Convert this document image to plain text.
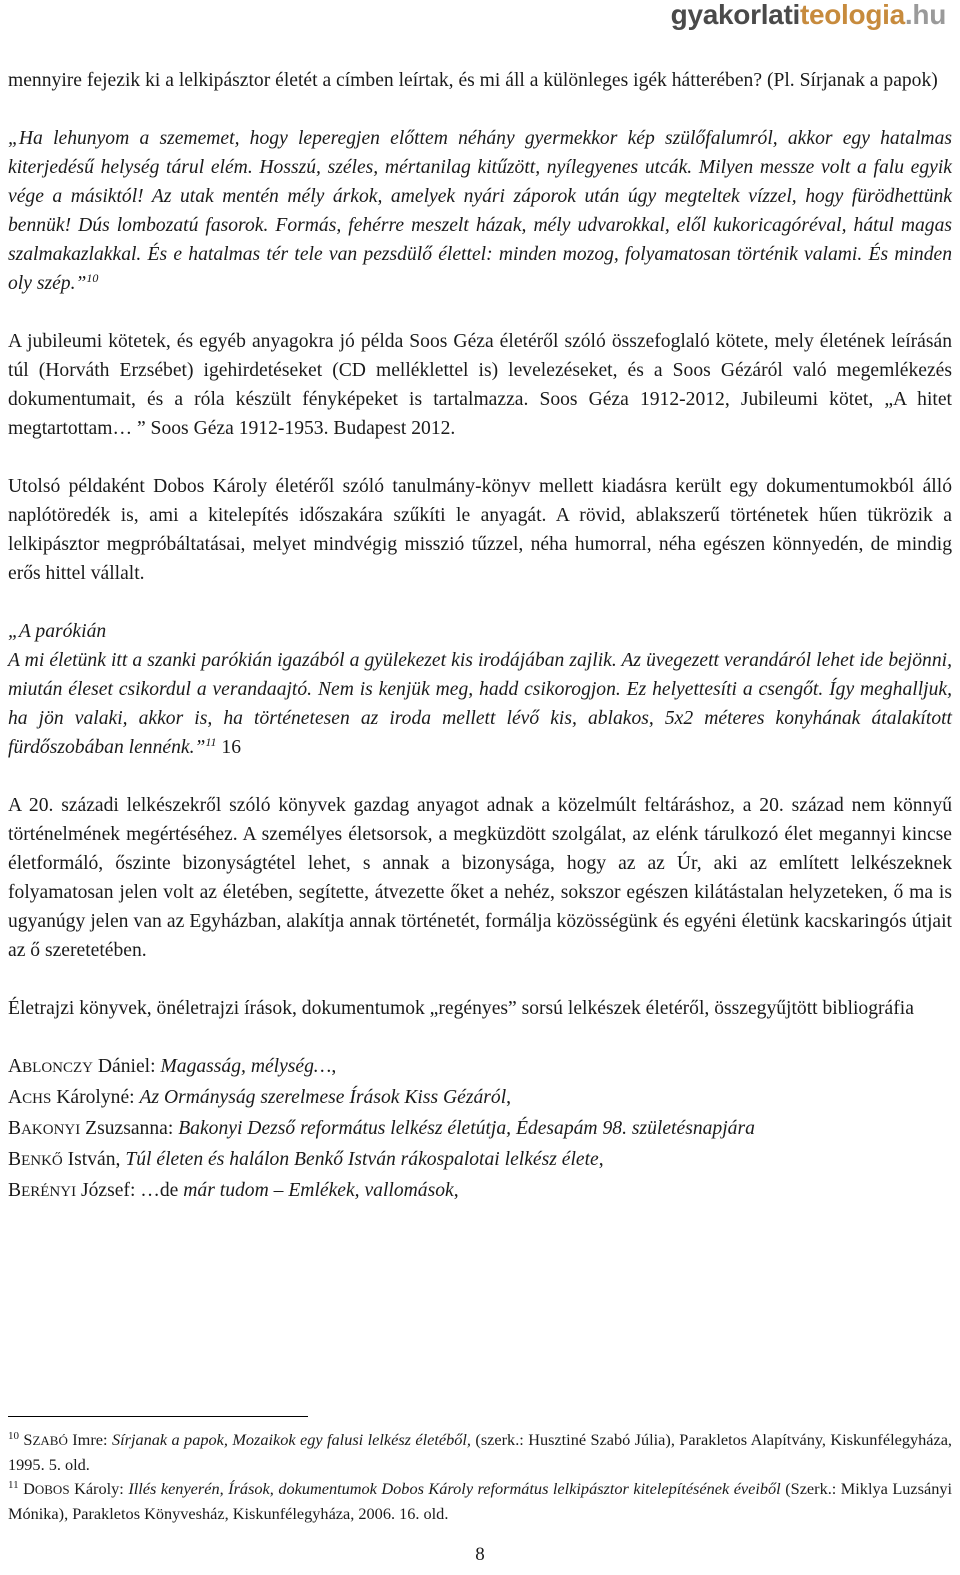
gyakorlatiteologia.hu

mennyire fejezik ki a lelkipásztor életét a címben leírtak, és mi áll a különleges igék hátterében? (Pl. Sírjanak a papok)

„Ha lehunyom a szememet, hogy leperegjen előttem néhány gyermekkor kép szülőfalumról, akkor egy hatalmas kiterjedésű helység tárul elém. Hosszú, széles, mértanilag kitűzött, nyílegyenes utcák. Milyen messze volt a falu egyik vége a másiktól! Az utak mentén mély árkok, amelyek nyári záporok után úgy megteltek vízzel, hogy fürödhettünk bennük! Dús lombozatú fasorok. Formás, fehérre meszelt házak, mély udvarokkal, elől kukoricagóréval, hátul magas szalmakazlakkal. És e hatalmas tér tele van pezsdülő élettel: minden mozog, folyamatosan történik valami. És minden oly szép.”$^{10}$

A jubileumi kötetek, és egyéb anyagokra jó példa Soos Géza életéről szóló összefoglaló kötete, mely életének leírásán túl (Horváth Erzsébet) igehirdetéseket (CD melléklettel is) levelezéseket, és a Soos Gézáról való megemlékezés dokumentumait, és a róla készült fényképeket is tartalmazza. Soos Géza 1912-2012, Jubileumi kötet, „A hitet megtartottam… ” Soos Géza 1912-1953. Budapest 2012.

Utolsó példaként Dobos Károly életéről szóló tanulmány-könyv mellett kiadásra került egy dokumentumokból álló naplótöredék is, ami a kitelepítés időszakára szűkíti le anyagát. A rövid, ablakszerű történetek hűen tükrözik a lelkipásztor megpróbáltatásai, melyet mindvégig misszió tűzzel, néha humorral, néha egészen könnyedén, de mindig erős hittel vállalt.

„A parókián

A mi életünk itt a szanki parókián igazából a gyülekezet kis irodájában zajlik. Az üvegezett verandáról lehet ide bejönni, miután éleset csikordul a verandaajtó. Nem is kenjük meg, hadd csikorogjon. Ez helyettesíti a csengőt. Így meghalljuk, ha jön valaki, akkor is, ha történetesen az iroda mellett lévő kis, ablakos, 5x2 méteres konyhának átalakított fürdőszobában lennénk.”$^{11}$ 16

A 20. századi lelkészekről szóló könyvek gazdag anyagot adnak a közelmúlt feltáráshoz, a 20. század nem könnyű történelmének megértéséhez. A személyes életsorsok, a megküzdött szolgálat, az elénk tárulkozó élet megannyi kincse életformáló, őszinte bizonyságtétel lehet, s annak a bizonysága, hogy az az Úr, aki az említett lelkészeknek folyamatosan jelen volt az életében, segítette, átvezette őket a nehéz, sokszor egészen kilátástalan helyzeteken, ő ma is ugyanúgy jelen van az Egyházban, alakítja annak történetét, formálja közösségünk és egyéni életünk kacskaringós útjait az ő szeretetében.

Életrajzi könyvek, önéletrajzi írások, dokumentumok „regényes” sorsú lelkészek életéről, összegyűjtött bibliográfia

ABLONCZY Dániel: Magasság, mélység…,

ACHS Károlyné: Az Ormányság szerelmese Írások Kiss Gézáról,

BAKONYI Zsuzsanna: Bakonyi Dezső református lelkész életútja, Édesapám 98. születésnapjára

BENKŐ István, Túl életen és halálon Benkő István rákospalotai lelkész élete,

BERÉNYI József: …de már tudom – Emlékek, vallomások,

$^{10}$ SZABÓ Imre: Sírjanak a papok, Mozaikok egy falusi lelkész életéből, (szerk.: Husztiné Szabó Júlia), Parakletos Alapítvány, Kiskunfélegyháza, 1995. 5. old.

$^{11}$ DOBOS Károly: Illés kenyerén, Írások, dokumentumok Dobos Károly református lelkipásztor kitelepítésének éveiből (Szerk.: Miklya Luzsányi Mónika), Parakletos Könyvesház, Kiskunfélegyháza, 2006. 16. old.

8
